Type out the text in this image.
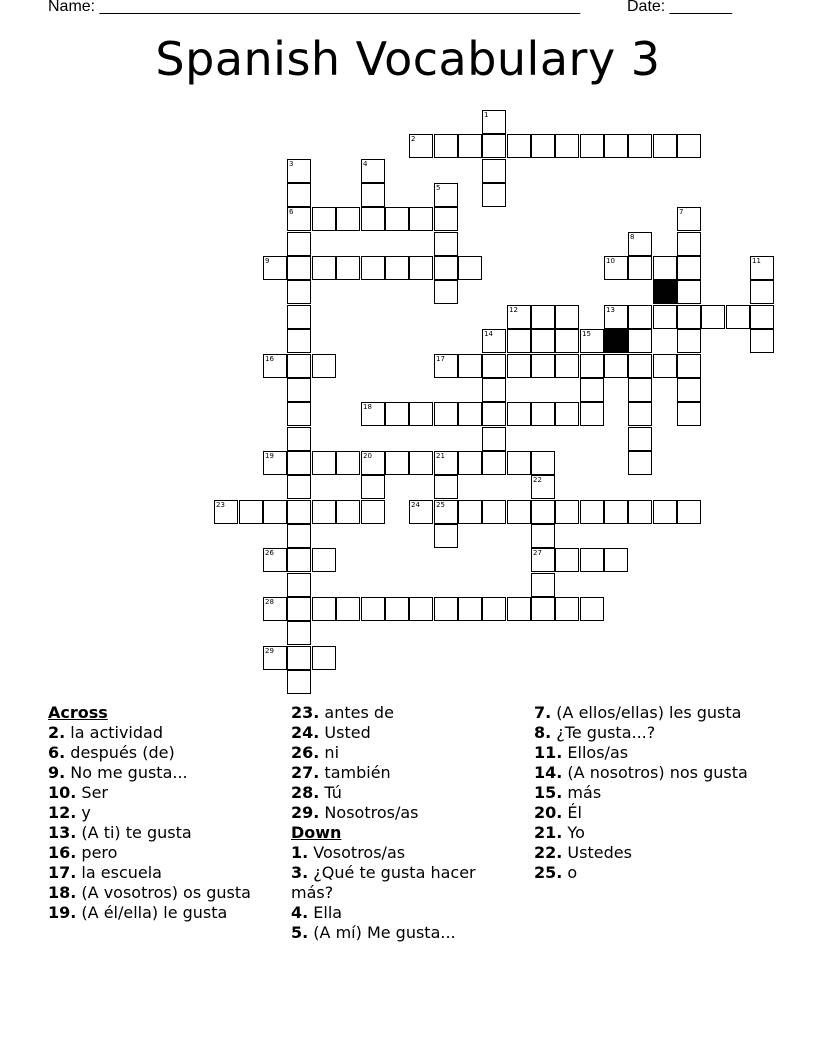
Name: ______________________________________________________	Date: _______
Spanish Vocabulary 3
1
2
3	4
5
6	7
8
9	10	11
12	13
14	15
16	17
18
19	20	21
22
23	24 25
26	27
28
29
Across
2. la actividad
6. después (de)
9. No me gusta...
10. Ser
12. y
13. (A ti) te gusta
16. pero
17. la escuela
18. (A vosotros) os gusta
19. (A él/ella) le gusta
23. antes de
24. Usted
26. ni
27. también
28. Tú
29. Nosotros/as
Down
1. Vosotros/as
3. ¿Qué te gusta hacer más?
4. Ella
5. (A mí) Me gusta...
7. (A ellos/ellas) les gusta
8. ¿Te gusta...?
11. Ellos/as
14. (A nosotros) nos gusta
15. más
20. Él
21. Yo
22. Ustedes
25. o
